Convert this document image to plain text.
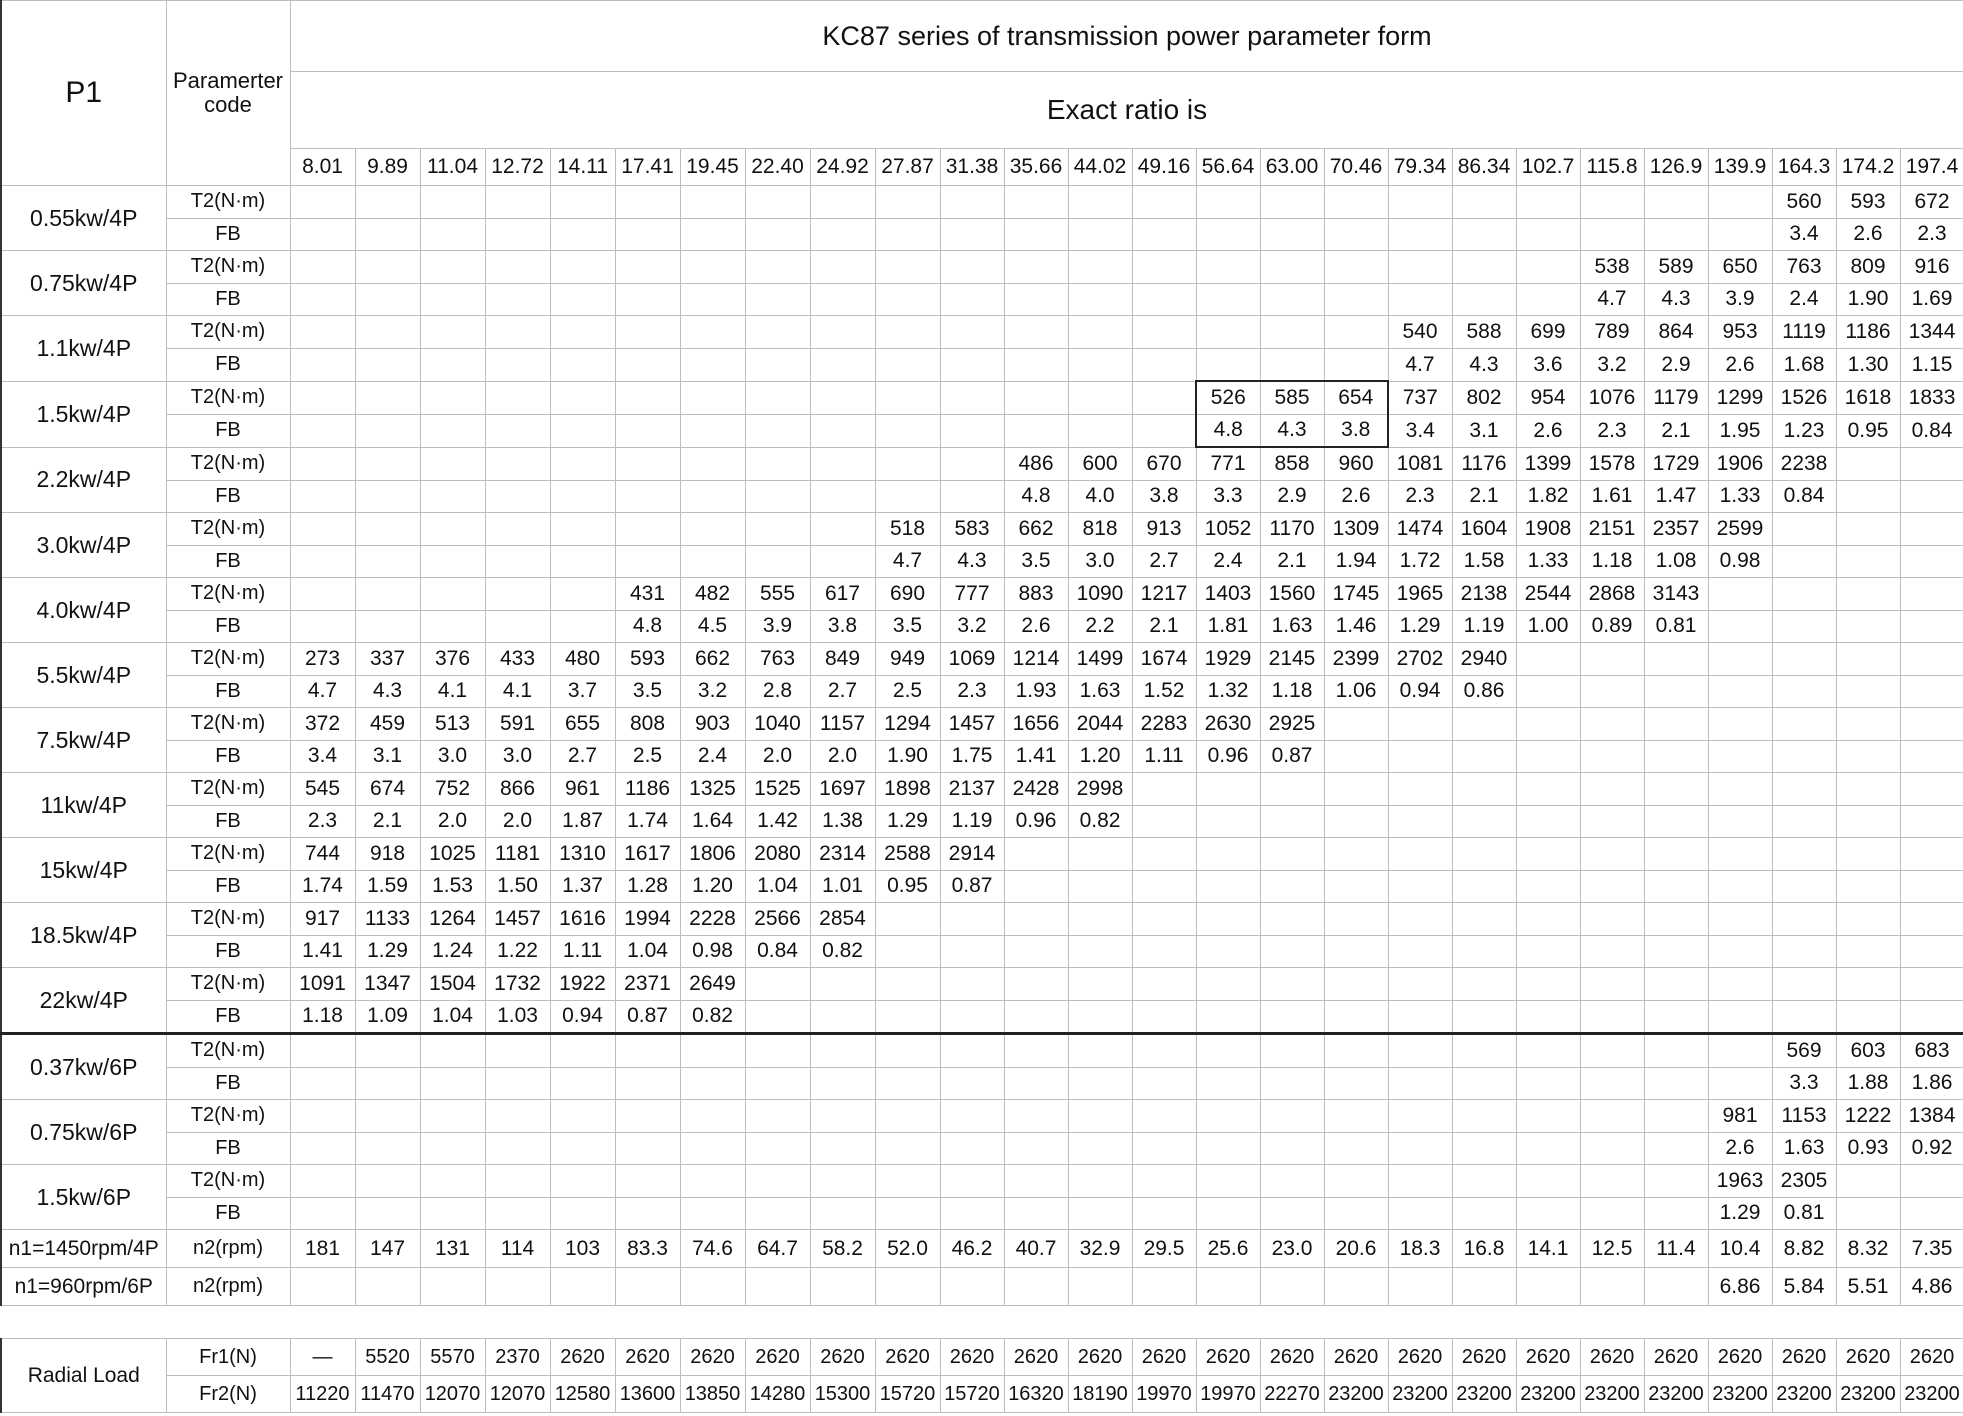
P1	Paramerter code	KC87 series of transmission power parameter form																									
		Exact ratio is																									
		8.01	9.89	11.04	12.72	14.11	17.41	19.45	22.40	24.92	27.87	31.38	35.66	44.02	49.16	56.64	63.00	70.46	79.34	86.34	102.7	115.8	126.9	139.9	164.3	174.2	197.4
0.55kw/4P	T2(N·m)																								560	593	672
	FB																								3.4	2.6	2.3
0.75kw/4P	T2(N·m)																					538	589	650	763	809	916
	FB																					4.7	4.3	3.9	2.4	1.90	1.69
1.1kw/4P	T2(N·m)																		540	588	699	789	864	953	1119	1186	1344
	FB																		4.7	4.3	3.6	3.2	2.9	2.6	1.68	1.30	1.15
1.5kw/4P	T2(N·m)															526	585	654	737	802	954	1076	1179	1299	1526	1618	1833
	FB															4.8	4.3	3.8	3.4	3.1	2.6	2.3	2.1	1.95	1.23	0.95	0.84
2.2kw/4P	T2(N·m)												486	600	670	771	858	960	1081	1176	1399	1578	1729	1906	2238		
	FB												4.8	4.0	3.8	3.3	2.9	2.6	2.3	2.1	1.82	1.61	1.47	1.33	0.84		
3.0kw/4P	T2(N·m)										518	583	662	818	913	1052	1170	1309	1474	1604	1908	2151	2357	2599			
	FB										4.7	4.3	3.5	3.0	2.7	2.4	2.1	1.94	1.72	1.58	1.33	1.18	1.08	0.98			
4.0kw/4P	T2(N·m)						431	482	555	617	690	777	883	1090	1217	1403	1560	1745	1965	2138	2544	2868	3143				
	FB						4.8	4.5	3.9	3.8	3.5	3.2	2.6	2.2	2.1	1.81	1.63	1.46	1.29	1.19	1.00	0.89	0.81				
5.5kw/4P	T2(N·m)	273	337	376	433	480	593	662	763	849	949	1069	1214	1499	1674	1929	2145	2399	2702	2940							
	FB	4.7	4.3	4.1	4.1	3.7	3.5	3.2	2.8	2.7	2.5	2.3	1.93	1.63	1.52	1.32	1.18	1.06	0.94	0.86							
7.5kw/4P	T2(N·m)	372	459	513	591	655	808	903	1040	1157	1294	1457	1656	2044	2283	2630	2925										
	FB	3.4	3.1	3.0	3.0	2.7	2.5	2.4	2.0	2.0	1.90	1.75	1.41	1.20	1.11	0.96	0.87										
11kw/4P	T2(N·m)	545	674	752	866	961	1186	1325	1525	1697	1898	2137	2428	2998													
	FB	2.3	2.1	2.0	2.0	1.87	1.74	1.64	1.42	1.38	1.29	1.19	0.96	0.82													
15kw/4P	T2(N·m)	744	918	1025	1181	1310	1617	1806	2080	2314	2588	2914															
	FB	1.74	1.59	1.53	1.50	1.37	1.28	1.20	1.04	1.01	0.95	0.87															
18.5kw/4P	T2(N·m)	917	1133	1264	1457	1616	1994	2228	2566	2854																	
	FB	1.41	1.29	1.24	1.22	1.11	1.04	0.98	0.84	0.82																	
22kw/4P	T2(N·m)	1091	1347	1504	1732	1922	2371	2649																			
	FB	1.18	1.09	1.04	1.03	0.94	0.87	0.82																			
0.37kw/6P	T2(N·m)																								569	603	683
	FB																								3.3	1.88	1.86
0.75kw/6P	T2(N·m)																							981	1153	1222	1384
	FB																							2.6	1.63	0.93	0.92
1.5kw/6P	T2(N·m)																							1963	2305		
	FB																							1.29	0.81		
n1=1450rpm/4P	n2(rpm)	181	147	131	114	103	83.3	74.6	64.7	58.2	52.0	46.2	40.7	32.9	29.5	25.6	23.0	20.6	18.3	16.8	14.1	12.5	11.4	10.4	8.82	8.32	7.35
n1=960rpm/6P	n2(rpm)																							6.86	5.84	5.51	4.86
Radial Load	Fr1(N)	—	5520	5570	2370	2620	2620	2620	2620	2620	2620	2620	2620	2620	2620	2620	2620	2620	2620	2620	2620	2620	2620	2620	2620	2620	2620
	Fr2(N)	11220	11470	12070	12070	12580	13600	13850	14280	15300	15720	15720	16320	18190	19970	19970	22270	23200	23200	23200	23200	23200	23200	23200	23200	23200	23200
